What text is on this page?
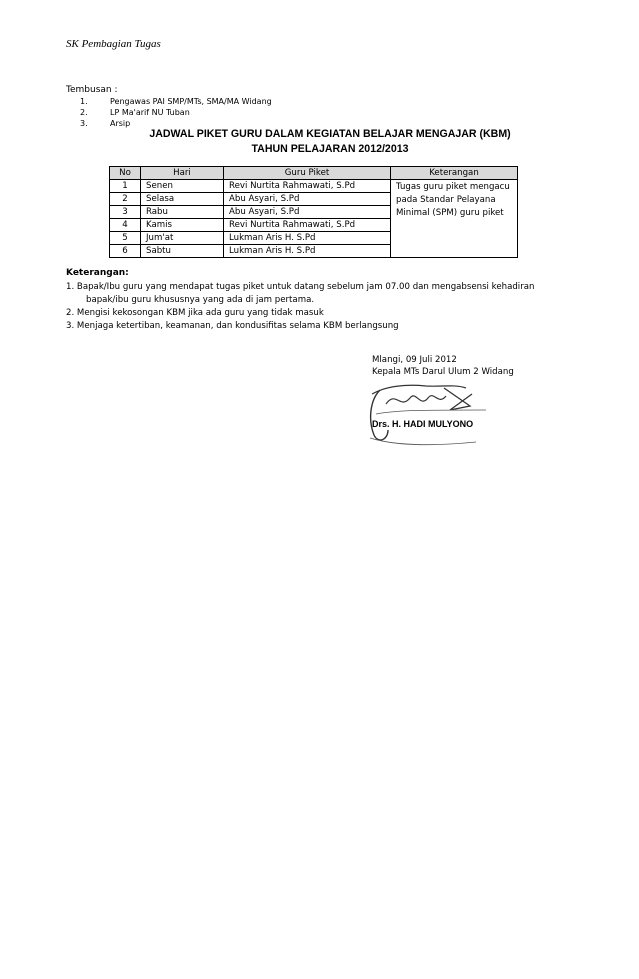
SK Pembagian Tugas
Tembusan :
1.	Pengawas PAI SMP/MTs, SMA/MA Widang
2.	LP Ma'arif NU Tuban
3.	Arsip
JADWAL PIKET GURU DALAM KEGIATAN BELAJAR MENGAJAR (KBM)
TAHUN PELAJARAN 2012/2013
No	Hari	Guru Piket	Keterangan
1	Senen	Revi Nurtita Rahmawati, S.Pd	Tugas guru piket mengacu
pada Standar Pelayana
Minimal (SPM) guru piket

2	Selasa	Abu Asyari, S.Pd	
3	Rabu	Abu Asyari, S.Pd	
4	Kamis	Revi Nurtita Rahmawati, S.Pd	
5	Jum'at	Lukman Aris H. S.Pd	
6	Sabtu	Lukman Aris H. S.Pd	
Keterangan:
1. Bapak/Ibu guru yang mendapat tugas piket untuk datang sebelum jam 07.00 dan mengabsensi kehadiran
bapak/ibu guru khususnya yang ada di jam pertama.
2. Mengisi kekosongan KBM jika ada guru yang tidak masuk
3. Menjaga ketertiban, keamanan, dan kondusifitas selama KBM berlangsung
Mlangi, 09 Juli 2012
Kepala MTs Darul Ulum 2 Widang
Drs. H. HADI MULYONO
